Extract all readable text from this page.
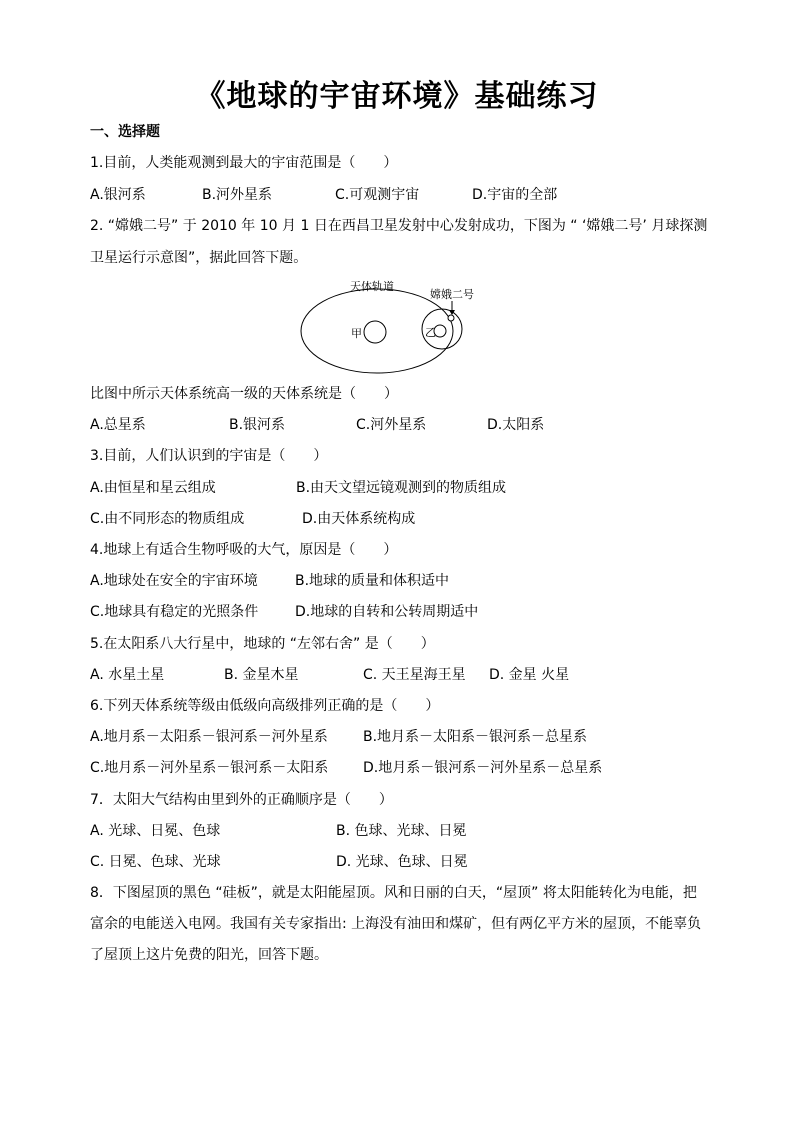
《地球的宇宙环境》基础练习
一、选择题
1.目前，人类能观测到最大的宇宙范围是（　　）
A.银河系	B.河外星系	C.可观测宇宙	D.宇宙的全部
2. “嫦娥二号” 于 2010 年 10 月 1 日在西昌卫星发射中心发射成功，下图为 “ ‘嫦娥二号’ 月球探测
卫星运行示意图”，据此回答下题。
天体轨道
嫦娥二号
甲	乙
比图中所示天体系统高一级的天体系统是（　　）
A.总星系	B.银河系	C.河外星系	D.太阳系
3.目前，人们认识到的宇宙是（　　）
A.由恒星和星云组成	B.由天文望远镜观测到的物质组成
C.由不同形态的物质组成	D.由天体系统构成
4.地球上有适合生物呼吸的大气，原因是（　　）
A.地球处在安全的宇宙环境	B.地球的质量和体积适中
C.地球具有稳定的光照条件	D.地球的自转和公转周期适中
5.在太阳系八大行星中，地球的 “左邻右舍” 是（　　）
A. 水星土星	B. 金星木星	C. 天王星海王星 D. 金星 火星
6.下列天体系统等级由低级向高级排列正确的是（　　）
A.地月系－太阳系－银河系－河外星系	B.地月系－太阳系－银河系－总星系
C.地月系－河外星系－银河系－太阳系 D.地月系－银河系－河外星系－总星系
7．太阳大气结构由里到外的正确顺序是（　　）
A. 光球、日冕、色球	B. 色球、光球、日冕
C. 日冕、色球、光球	D. 光球、色球、日冕
8．下图屋顶的黑色 “硅板”，就是太阳能屋顶。风和日丽的白天，“屋顶” 将太阳能转化为电能，把
富余的电能送入电网。我国有关专家指出: 上海没有油田和煤矿，但有两亿平方米的屋顶，不能辜负
了屋顶上这片免费的阳光，回答下题。
